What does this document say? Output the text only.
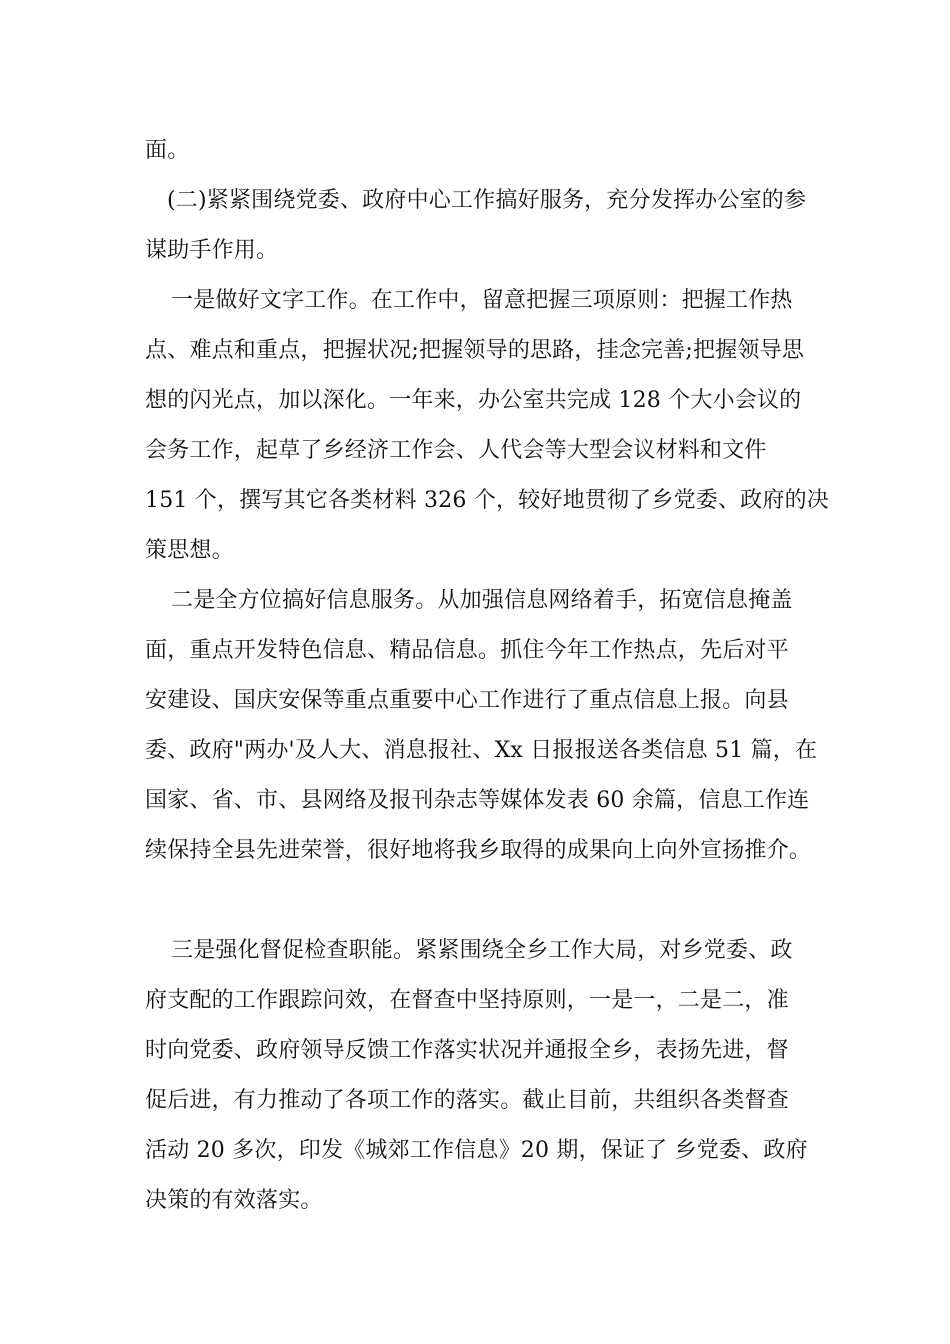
面。
(二)紧紧围绕党委、政府中心工作搞好服务，充分发挥办公室的参
谋助手作用。
一是做好文字工作。在工作中，留意把握三项原则：把握工作热
点、难点和重点，把握状况;把握领导的思路，挂念完善;把握领导思
想的闪光点，加以深化。一年来，办公室共完成 128 个大小会议的
会务工作，起草了乡经济工作会、人代会等大型会议材料和文件
151 个，撰写其它各类材料 326 个，较好地贯彻了乡党委、政府的决
策思想。
二是全方位搞好信息服务。从加强信息网络着手，拓宽信息掩盖
面，重点开发特色信息、精品信息。抓住今年工作热点，先后对平
安建设、国庆安保等重点重要中心工作进行了重点信息上报。向县
委、政府"两办'及人大、消息报社、Xx 日报报送各类信息 51 篇，在
国家、省、市、县网络及报刊杂志等媒体发表 60 余篇，信息工作连
续保持全县先进荣誉，很好地将我乡取得的成果向上向外宣扬推介。
三是强化督促检查职能。紧紧围绕全乡工作大局，对乡党委、政
府支配的工作跟踪问效，在督查中坚持原则，一是一，二是二，准
时向党委、政府领导反馈工作落实状况并通报全乡，表扬先进，督
促后进，有力推动了各项工作的落实。截止目前，共组织各类督查
活动 20 多次，印发《城郊工作信息》20 期，保证了 乡党委、政府
决策的有效落实。
